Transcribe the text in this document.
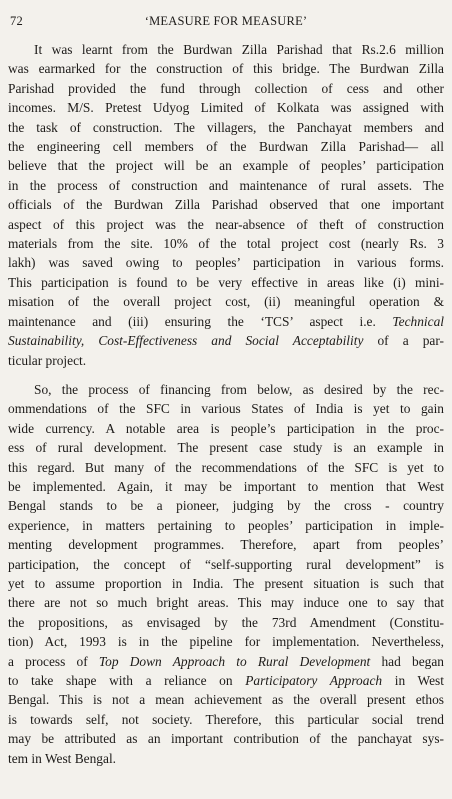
72	‘MEASURE FOR MEASURE’

It was learnt from the Burdwan Zilla Parishad that Rs.2.6 million
was earmarked for the construction of this bridge. The Burdwan Zilla
Parishad provided the fund through collection of cess and other
incomes. M/S. Pretest Udyog Limited of Kolkata was assigned with
the task of construction. The villagers, the Panchayat members and
the engineering cell members of the Burdwan Zilla Parishad— all
believe that the project will be an example of peoples’ participation
in the process of construction and maintenance of rural assets. The
officials of the Burdwan Zilla Parishad observed that one important
aspect of this project was the near-absence of theft of construction
materials from the site. 10% of the total project cost (nearly Rs. 3
lakh) was saved owing to peoples’ participation in various forms.
This participation is found to be very effective in areas like (i) mini-
misation of the overall project cost, (ii) meaningful operation &
maintenance and (iii) ensuring the ‘TCS’ aspect i.e. Technical
Sustainability, Cost-Effectiveness and Social Acceptability of a par-
ticular project.

So, the process of financing from below, as desired by the rec-
ommendations of the SFC in various States of India is yet to gain
wide currency. A notable area is people’s participation in the proc-
ess of rural development. The present case study is an example in
this regard. But many of the recommendations of the SFC is yet to
be implemented. Again, it may be important to mention that West
Bengal stands to be a pioneer, judging by the cross - country
experience, in matters pertaining to peoples’ participation in imple-
menting development programmes. Therefore, apart from peoples’
participation, the concept of “self-supporting rural development” is
yet to assume proportion in India. The present situation is such that
there are not so much bright areas. This may induce one to say that
the propositions, as envisaged by the 73rd Amendment (Constitu-
tion) Act, 1993 is in the pipeline for implementation. Nevertheless,
a process of Top Down Approach to Rural Development had began
to take shape with a reliance on Participatory Approach in West
Bengal. This is not a mean achievement as the overall present ethos
is towards self, not society. Therefore, this particular social trend
may be attributed as an important contribution of the panchayat sys-
tem in West Bengal.
